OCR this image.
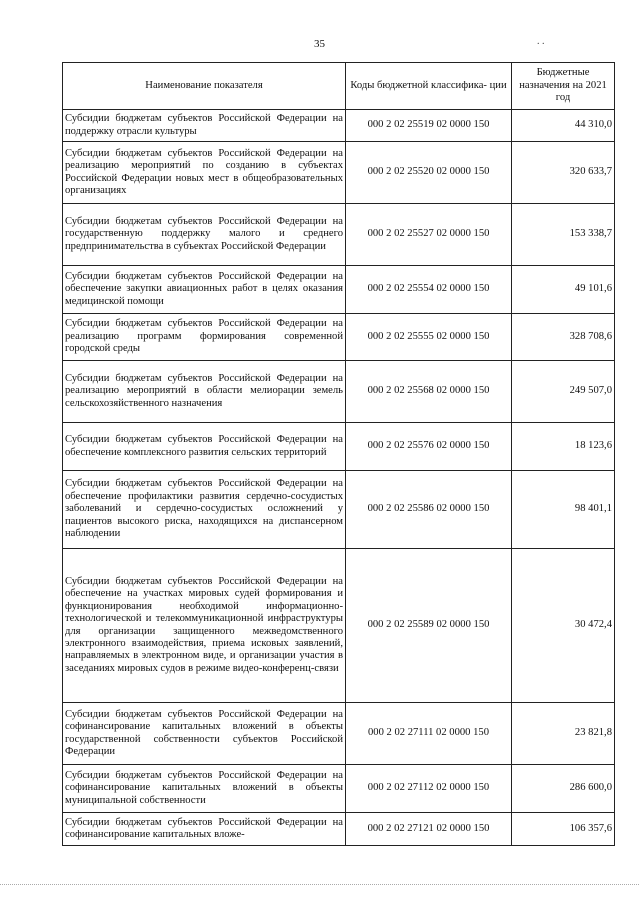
35	. .
Наименование показателя	Коды бюджетной классифика- ции	Бюджетные назначения на 2021 год
Субсидии бюджетам субъектов Российской Федерации на поддержку отрасли культуры	000 2 02 25519 02 0000 150	44 310,0
Субсидии бюджетам субъектов Российской Федерации на реализацию мероприятий по созданию в субъектах Российской Федерации новых мест в общеобразовательных организациях	000 2 02 25520 02 0000 150	320 633,7
Субсидии бюджетам субъектов Российской Федерации на государственную поддержку малого и среднего предпринимательства в субъектах Российской Федерации	000 2 02 25527 02 0000 150	153 338,7
Субсидии бюджетам субъектов Российской Федерации на обеспечение закупки авиационных работ в целях оказания медицинской помощи	000 2 02 25554 02 0000 150	49 101,6
Субсидии бюджетам субъектов Российской Федерации на реализацию программ формирования современной городской среды	000 2 02 25555 02 0000 150	328 708,6
Субсидии бюджетам субъектов Российской Федерации на реализацию мероприятий в области мелиорации земель сельскохозяйственного назначения	000 2 02 25568 02 0000 150	249 507,0
Субсидии бюджетам субъектов Российской Федерации на обеспечение комплексного развития сельских территорий	000 2 02 25576 02 0000 150	18 123,6
Субсидии бюджетам субъектов Российской Федерации на обеспечение профилактики развития сердечно-сосудистых заболеваний и сердечно-сосудистых осложнений у пациентов высокого риска, находящихся на диспансерном наблюдении	000 2 02 25586 02 0000 150	98 401,1
Субсидии бюджетам субъектов Российской Федерации на обеспечение на участках мировых судей формирования и функционирования необходимой информационно-технологической и телекоммуникационной инфраструктуры для организации защищенного межведомственного электронного взаимодействия, приема исковых заявлений, направляемых в электронном виде, и организации участия в заседаниях мировых судов в режиме видео-конференц-связи	000 2 02 25589 02 0000 150	30 472,4
Субсидии бюджетам субъектов Российской Федерации на софинансирование капитальных вложений в объекты государственной собственности субъектов Российской Федерации	000 2 02 27111 02 0000 150	23 821,8
Субсидии бюджетам субъектов Российской Федерации на софинансирование капитальных вложений в объекты муниципальной собственности	000 2 02 27112 02 0000 150	286 600,0
Субсидии бюджетам субъектов Российской Федерации на софинансирование капитальных вложе-	000 2 02 27121 02 0000 150	106 357,6
